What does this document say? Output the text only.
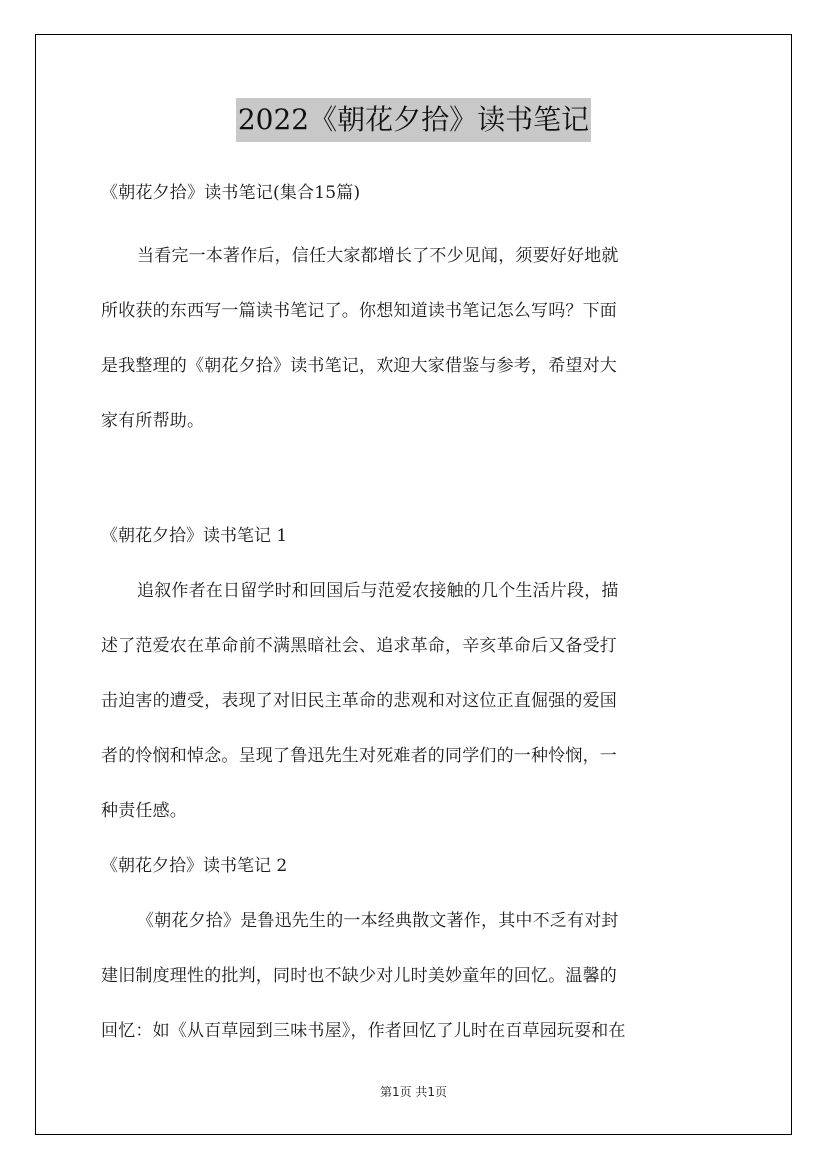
2022《朝花夕拾》读书笔记
《朝花夕拾》读书笔记(集合15篇)
当看完一本著作后，信任大家都增长了不少见闻，须要好好地就
所收获的东西写一篇读书笔记了。你想知道读书笔记怎么写吗？下面
是我整理的《朝花夕拾》读书笔记，欢迎大家借鉴与参考，希望对大
家有所帮助。
《朝花夕拾》读书笔记 1
追叙作者在日留学时和回国后与范爱农接触的几个生活片段，描
述了范爱农在革命前不满黑暗社会、追求革命，辛亥革命后又备受打
击迫害的遭受，表现了对旧民主革命的悲观和对这位正直倔强的爱国
者的怜悯和悼念。呈现了鲁迅先生对死难者的同学们的一种怜悯，一
种责任感。
《朝花夕拾》读书笔记 2
《朝花夕拾》是鲁迅先生的一本经典散文著作，其中不乏有对封
建旧制度理性的批判，同时也不缺少对儿时美妙童年的回忆。温馨的
回忆：如《从百草园到三味书屋》，作者回忆了儿时在百草园玩耍和在
第1页 共1页
